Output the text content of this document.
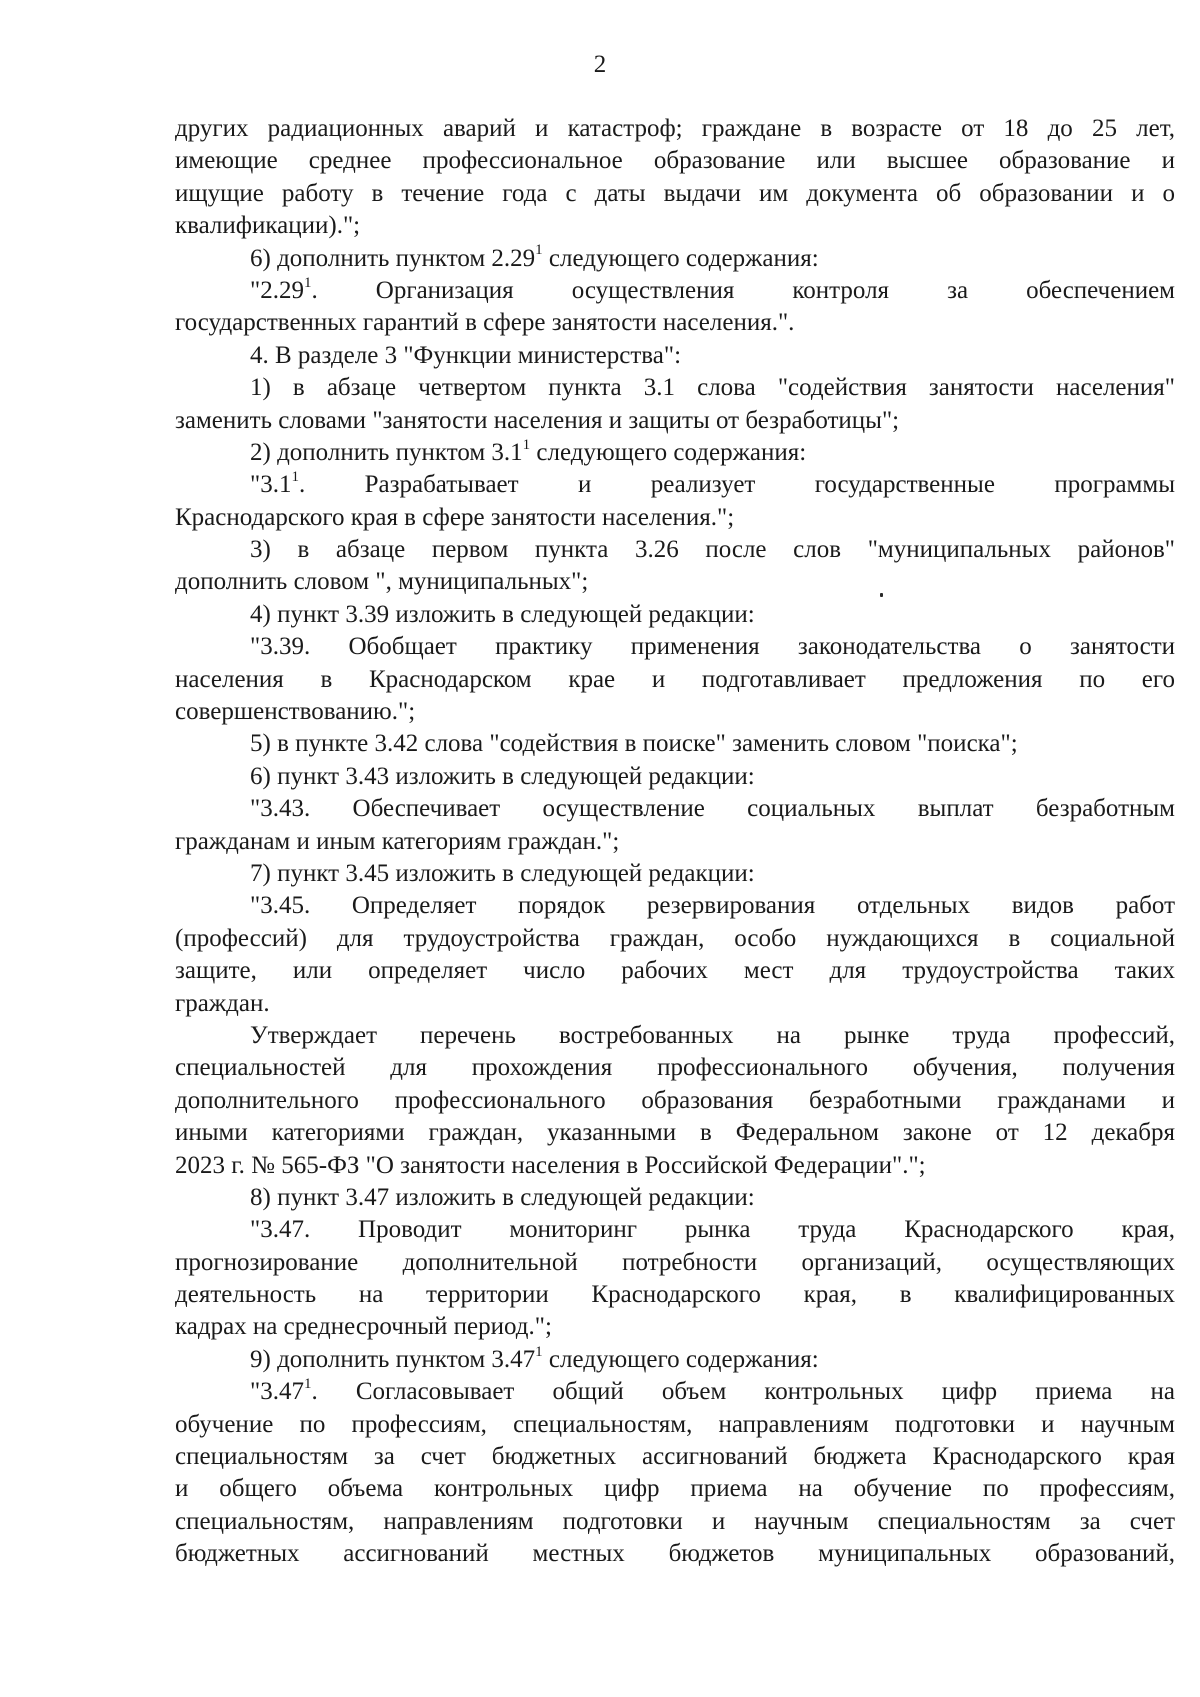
2
других радиационных аварий и катастроф; граждане в возрасте от 18 до 25 лет,
имеющие среднее профессиональное образование или высшее образование и
ищущие работу в течение года с даты выдачи им документа об образовании и о
квалификации).";
6) дополнить пунктом 2.29$^1$ следующего содержания:
"2.29$^1$. Организация осуществления контроля за обеспечением
государственных гарантий в сфере занятости населения.".
4. В разделе 3 "Функции министерства":
1) в абзаце четвертом пункта 3.1 слова "содействия занятости населения"
заменить словами "занятости населения и защиты от безработицы";
2) дополнить пунктом $3.1^1$ следующего содержания:
"$3.1^1$. Разрабатывает и реализует государственные программы
Краснодарского края в сфере занятости населения.";
3) в абзаце первом пункта 3.26 после слов "муниципальных районов"
дополнить словом ", муниципальных";
4) пункт 3.39 изложить в следующей редакции:
"3.39. Обобщает практику применения законодательства о занятости
населения в Краснодарском крае и подготавливает предложения по его
совершенствованию.";
5) в пункте 3.42 слова "содействия в поиске" заменить словом "поиска";
6) пункт 3.43 изложить в следующей редакции:
"3.43. Обеспечивает осуществление социальных выплат безработным
гражданам и иным категориям граждан.";
7) пункт 3.45 изложить в следующей редакции:
"3.45. Определяет порядок резервирования отдельных видов работ
(профессий) для трудоустройства граждан, особо нуждающихся в социальной
защите, или определяет число рабочих мест для трудоустройства таких
граждан.
Утверждает перечень востребованных на рынке труда профессий,
специальностей для прохождения профессионального обучения, получения
дополнительного профессионального образования безработными гражданами и
иными категориями граждан, указанными в Федеральном законе от 12 декабря
2023 г. № 565-ФЗ "О занятости населения в Российской Федерации".";
8) пункт 3.47 изложить в следующей редакции:
"3.47. Проводит мониторинг рынка труда Краснодарского края,
прогнозирование дополнительной потребности организаций, осуществляющих
деятельность на территории Краснодарского края, в квалифицированных
кадрах на среднесрочный период.";
9) дополнить пунктом 3.47$^1$ следующего содержания:
"3.47$^1$. Согласовывает общий объем контрольных цифр приема на
обучение по профессиям, специальностям, направлениям подготовки и научным
специальностям за счет бюджетных ассигнований бюджета Краснодарского края
и общего объема контрольных цифр приема на обучение по профессиям,
специальностям, направлениям подготовки и научным специальностям за счет
бюджетных ассигнований местных бюджетов муниципальных образований,
